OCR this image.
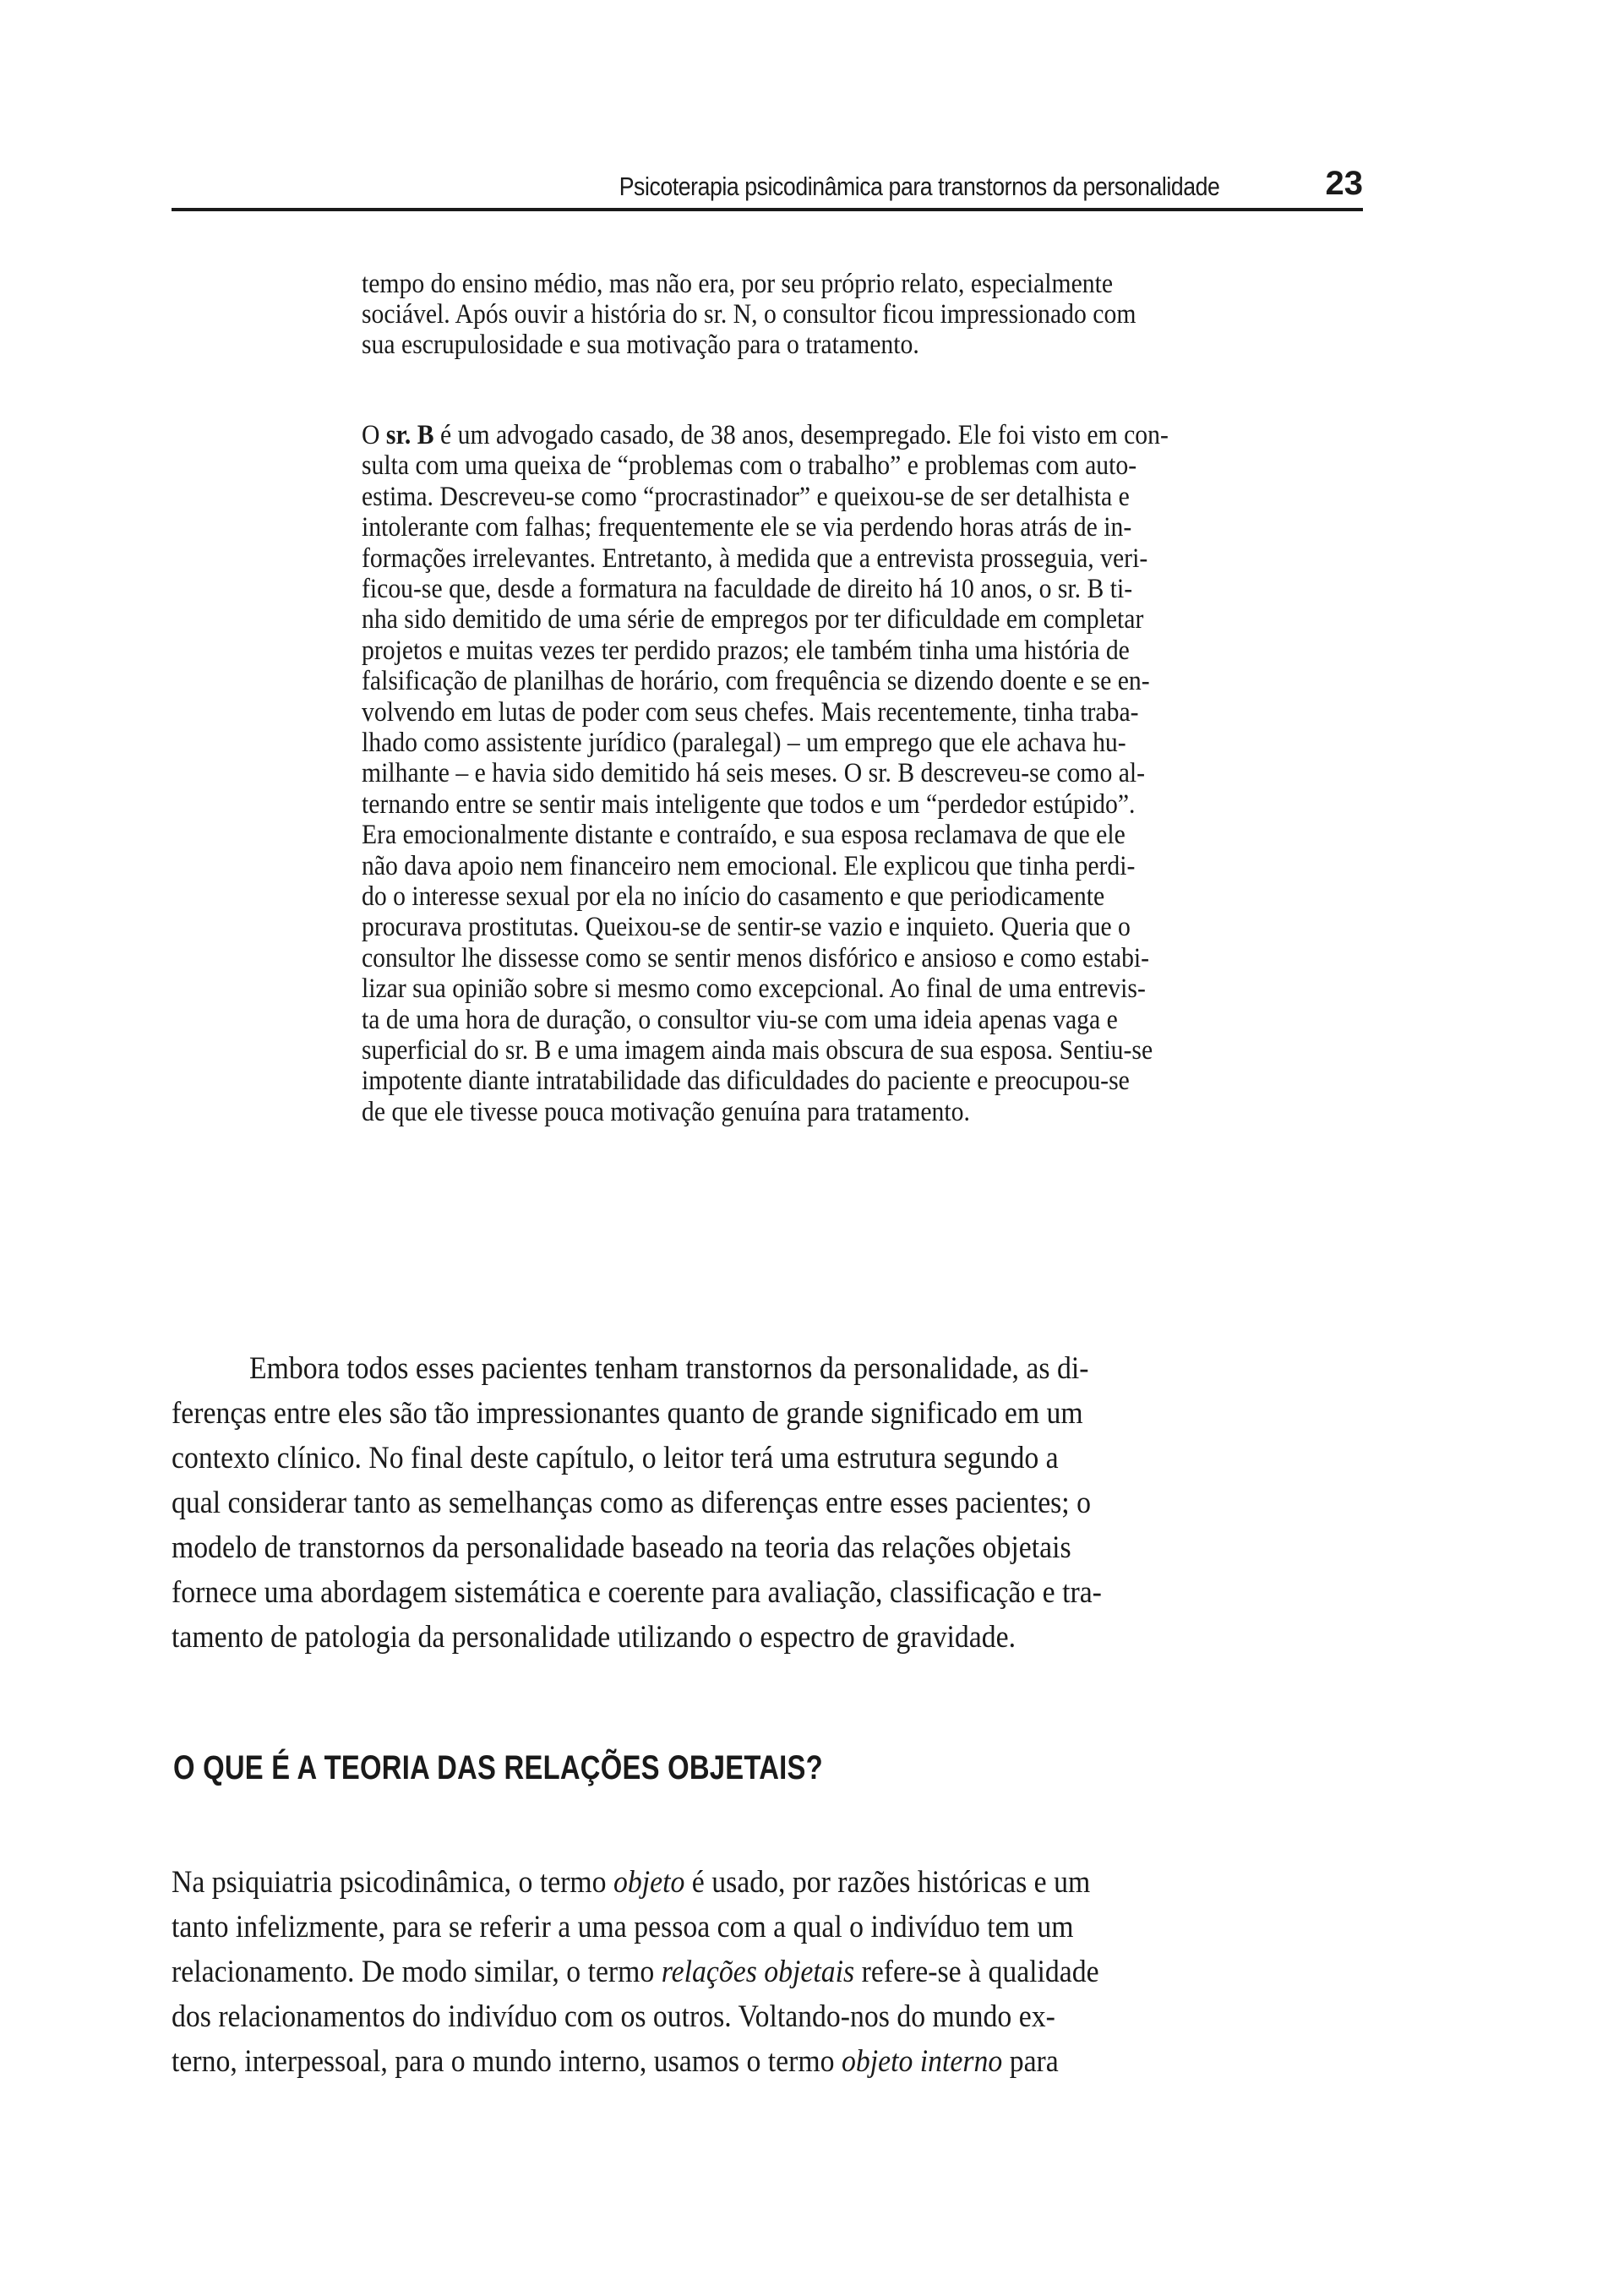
Psicoterapia psicodinâmica para transtornos da personalidade	23
tempo do ensino médio, mas não era, por seu próprio relato, especialmente
sociável. Após ouvir a história do sr. N, o consultor ficou impressionado com
sua escrupulosidade e sua motivação para o tratamento.
O sr. B é um advogado casado, de 38 anos, desempregado. Ele foi visto em con-
sulta com uma queixa de “problemas com o trabalho” e problemas com auto-
estima. Descreveu-se como “procrastinador” e queixou-se de ser detalhista e
intolerante com falhas; frequentemente ele se via perdendo horas atrás de in-
formações irrelevantes. Entretanto, à medida que a entrevista prosseguia, veri-
ficou-se que, desde a formatura na faculdade de direito há 10 anos, o sr. B ti-
nha sido demitido de uma série de empregos por ter dificuldade em completar
projetos e muitas vezes ter perdido prazos; ele também tinha uma história de
falsificação de planilhas de horário, com frequência se dizendo doente e se en-
volvendo em lutas de poder com seus chefes. Mais recentemente, tinha traba-
lhado como assistente jurídico (paralegal) – um emprego que ele achava hu-
milhante – e havia sido demitido há seis meses. O sr. B descreveu-se como al-
ternando entre se sentir mais inteligente que todos e um “perdedor estúpido”.
Era emocionalmente distante e contraído, e sua esposa reclamava de que ele
não dava apoio nem financeiro nem emocional. Ele explicou que tinha perdi-
do o interesse sexual por ela no início do casamento e que periodicamente
procurava prostitutas. Queixou-se de sentir-se vazio e inquieto. Queria que o
consultor lhe dissesse como se sentir menos disfórico e ansioso e como estabi-
lizar sua opinião sobre si mesmo como excepcional. Ao final de uma entrevis-
ta de uma hora de duração, o consultor viu-se com uma ideia apenas vaga e
superficial do sr. B e uma imagem ainda mais obscura de sua esposa. Sentiu-se
impotente diante intratabilidade das dificuldades do paciente e preocupou-se
de que ele tivesse pouca motivação genuína para tratamento.
Embora todos esses pacientes tenham transtornos da personalidade, as di-
ferenças entre eles são tão impressionantes quanto de grande significado em um
contexto clínico. No final deste capítulo, o leitor terá uma estrutura segundo a
qual considerar tanto as semelhanças como as diferenças entre esses pacientes; o
modelo de transtornos da personalidade baseado na teoria das relações objetais
fornece uma abordagem sistemática e coerente para avaliação, classificação e tra-
tamento de patologia da personalidade utilizando o espectro de gravidade.
O QUE É A TEORIA DAS RELAÇÕES OBJETAIS?
Na psiquiatria psicodinâmica, o termo objeto é usado, por razões históricas e um
tanto infelizmente, para se referir a uma pessoa com a qual o indivíduo tem um
relacionamento. De modo similar, o termo relações objetais refere-se à qualidade
dos relacionamentos do indivíduo com os outros. Voltando-nos do mundo ex-
terno, interpessoal, para o mundo interno, usamos o termo objeto interno para
